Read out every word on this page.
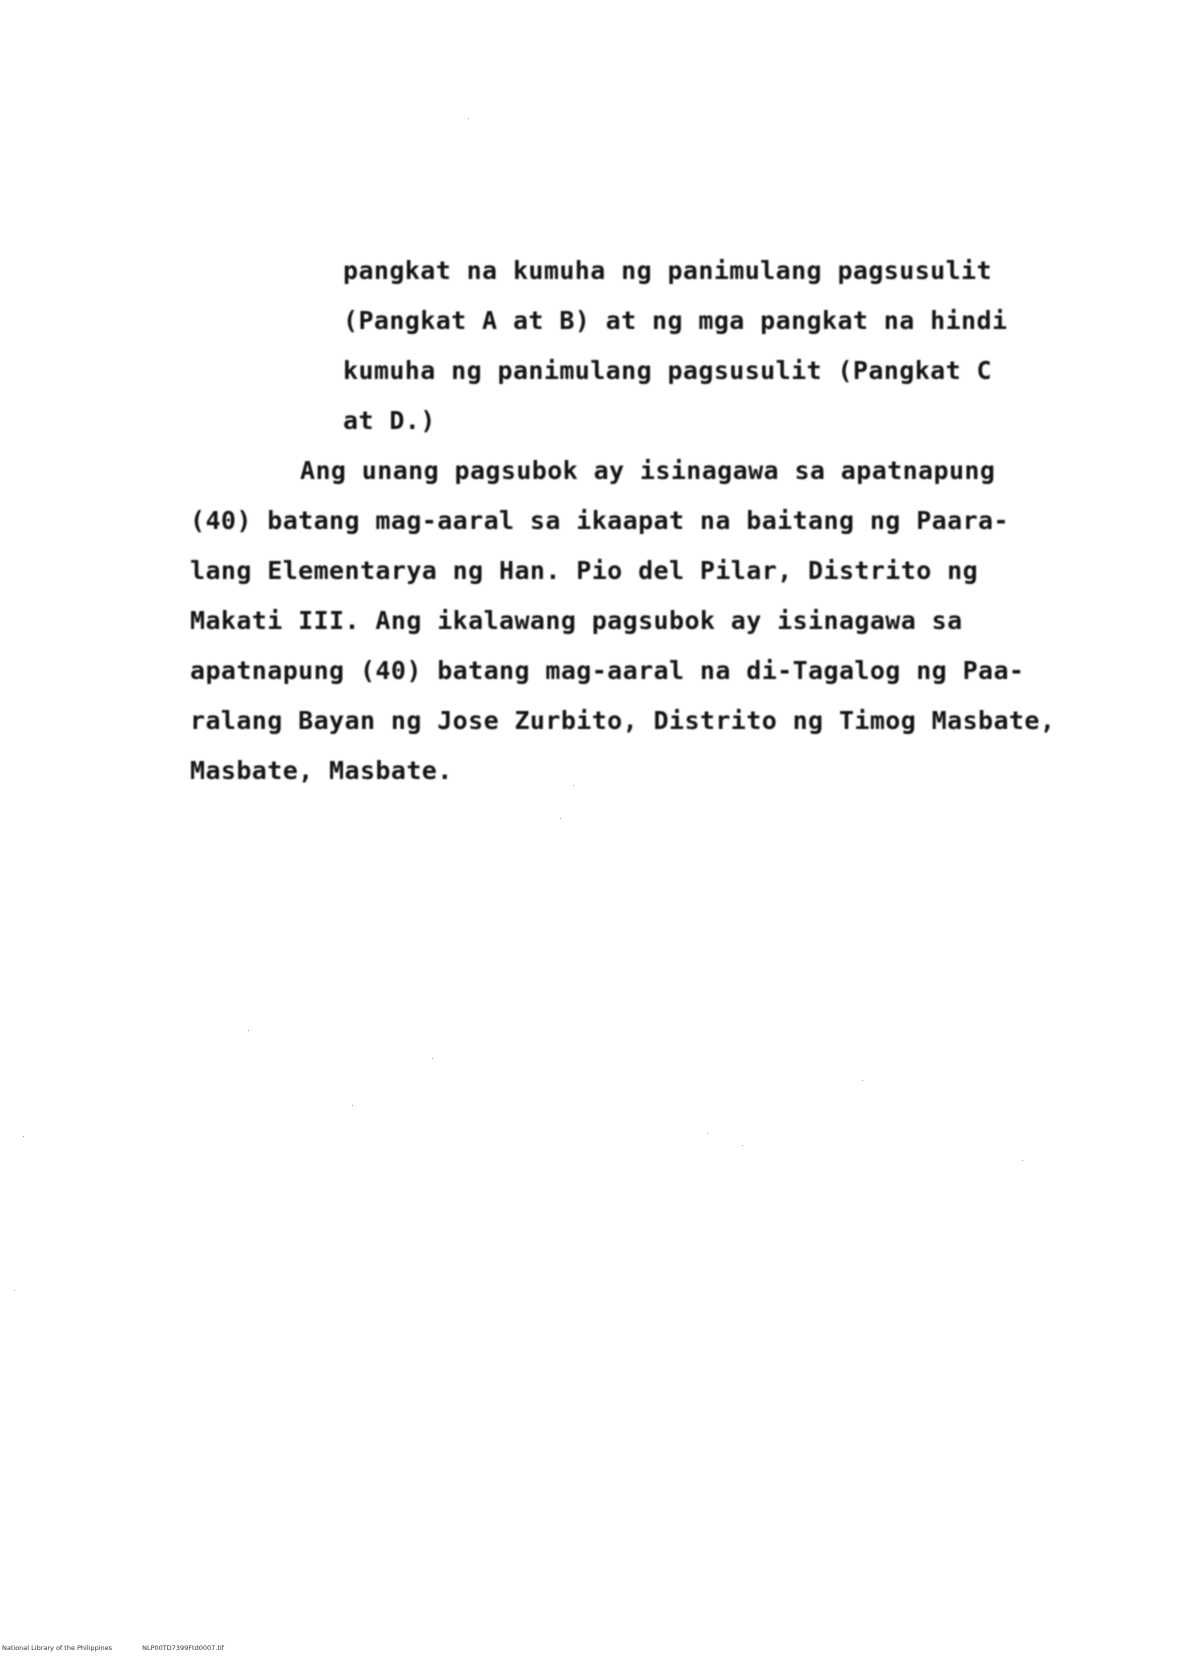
pangkat na kumuha ng panimulang pagsusulit
(Pangkat A at B) at ng mga pangkat na hindi
kumuha ng panimulang pagsusulit (Pangkat C
at D.)
Ang unang pagsubok ay isinagawa sa apatnapung
(40) batang mag-aaral sa ikaapat na baitang ng Paara-
lang Elementarya ng Han. Pio del Pilar, Distrito ng
Makati III. Ang ikalawang pagsubok ay isinagawa sa
apatnapung (40) batang mag-aaral na di-Tagalog ng Paa-
ralang Bayan ng Jose Zurbito, Distrito ng Timog Masbate,
Masbate, Masbate.
National Library of the Philippines	NLP00TD7399Ftd0007.tif
